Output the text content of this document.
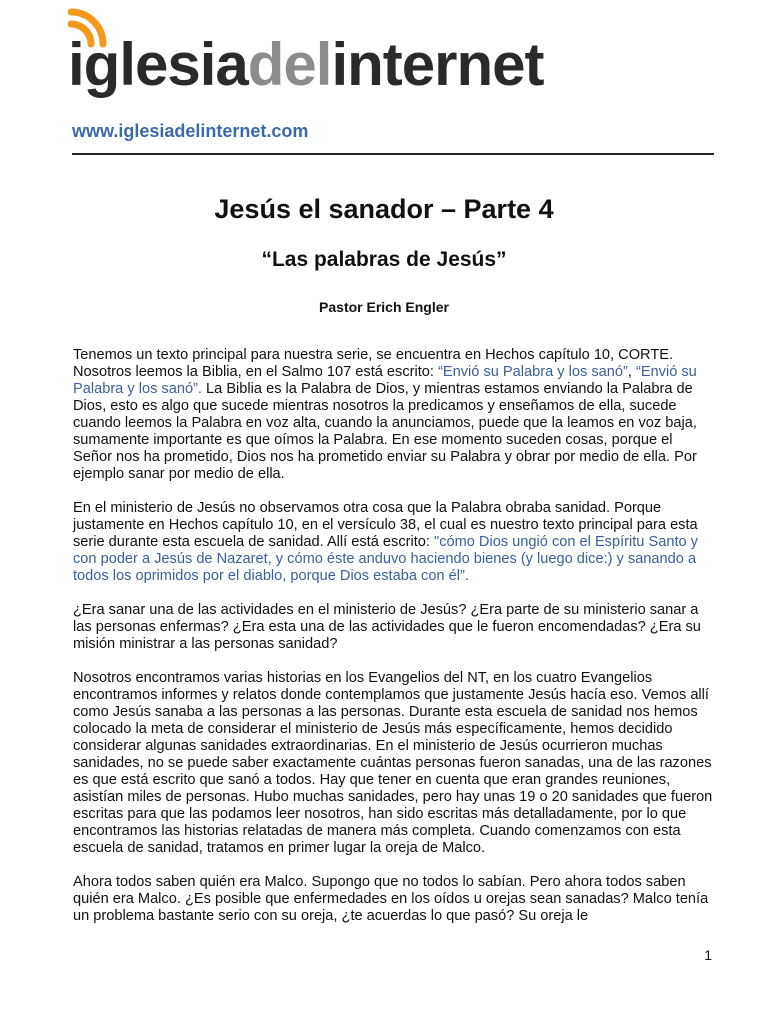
iglesiadelinternet
www.iglesiadelinternet.com
Jesús el sanador – Parte 4
“Las palabras de Jesús”
Pastor Erich Engler

Tenemos un texto principal para nuestra serie, se encuentra en Hechos capítulo 10, CORTE. Nosotros leemos la Biblia, en el Salmo 107 está escrito: “Envió su Palabra y los sanó”, “Envió su Palabra y los sanó”. La Biblia es la Palabra de Dios, y mientras estamos enviando la Palabra de Dios, esto es algo que sucede mientras nosotros la predicamos y enseñamos de ella, sucede cuando leemos la Palabra en voz alta, cuando la anunciamos, puede que la leamos en voz baja, sumamente importante es que oímos la Palabra. En ese momento suceden cosas, porque el Señor nos ha prometido, Dios nos ha prometido enviar su Palabra y obrar por medio de ella. Por ejemplo sanar por medio de ella.

En el ministerio de Jesús no observamos otra cosa que la Palabra obraba sanidad. Porque justamente en Hechos capítulo 10, en el versículo 38, el cual es nuestro texto principal para esta serie durante esta escuela de sanidad. Allí está escrito: "cómo Dios ungió con el Espíritu Santo y con poder a Jesús de Nazaret, y cómo éste anduvo haciendo bienes (y luego dice:) y sanando a todos los oprimidos por el diablo, porque Dios estaba con él”.

¿Era sanar una de las actividades en el ministerio de Jesús? ¿Era parte de su ministerio sanar a las personas enfermas? ¿Era esta una de las actividades que le fueron encomendadas? ¿Era su misión ministrar a las personas sanidad?

Nosotros encontramos varias historias en los Evangelios del NT, en los cuatro Evangelios encontramos informes y relatos donde contemplamos que justamente Jesús hacía eso. Vemos allí como Jesús sanaba a las personas a las personas. Durante esta escuela de sanidad nos hemos colocado la meta de considerar el ministerio de Jesús más específicamente, hemos decidido considerar algunas sanidades extraordinarias. En el ministerio de Jesús ocurrieron muchas sanidades, no se puede saber exactamente cuántas personas fueron sanadas, una de las razones es que está escrito que sanó a todos. Hay que tener en cuenta que eran grandes reuniones, asistían miles de personas. Hubo muchas sanidades, pero hay unas 19 o 20 sanidades que fueron escritas para que las podamos leer nosotros, han sido escritas más detalladamente, por lo que encontramos las historias relatadas de manera más completa. Cuando comenzamos con esta escuela de sanidad, tratamos en primer lugar la oreja de Malco.

Ahora todos saben quién era Malco. Supongo que no todos lo sabían. Pero ahora todos saben quién era Malco. ¿Es posible que enfermedades en los oídos u orejas sean sanadas? Malco tenía un problema bastante serio con su oreja, ¿te acuerdas lo que pasó? Su oreja le

1
